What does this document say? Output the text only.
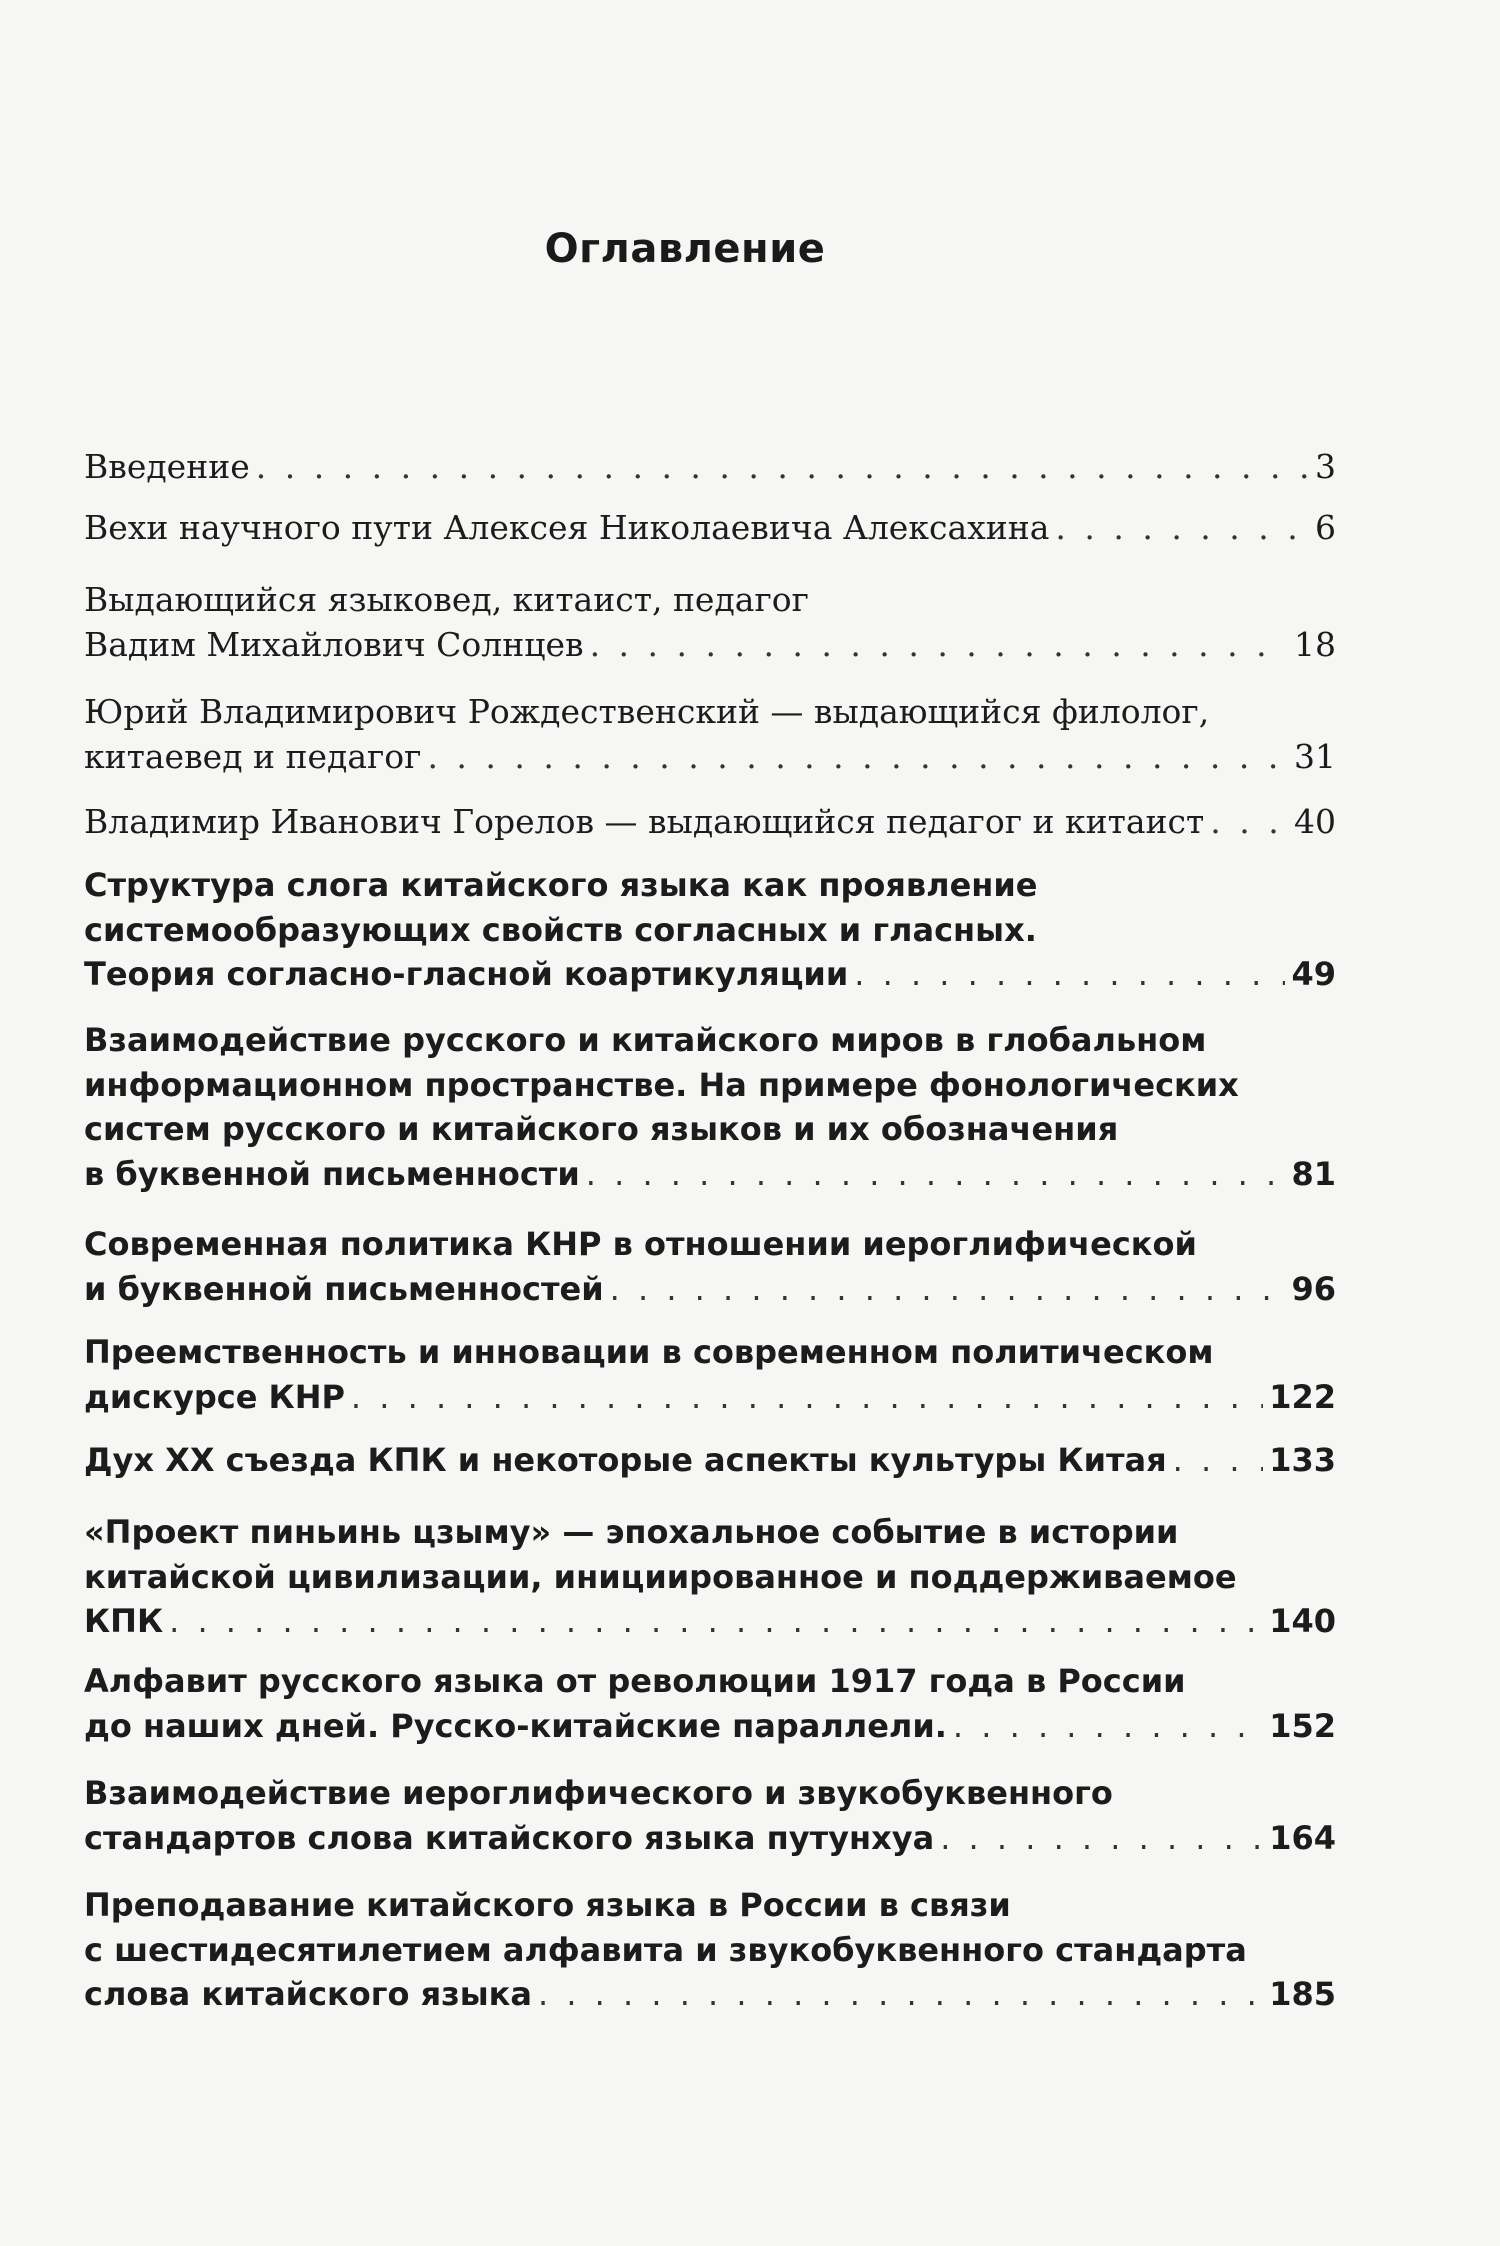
Оглавление
Введение . . .	3
Вехи научного пути Алексея Николаевича Алексахина . . .	6
Выдающийся языковед, китаист, педагог
Вадим Михайлович Солнцев . . .	18
Юрий Владимирович Рождественский — выдающийся филолог,
китаевед и педагог . . .	31
Владимир Иванович Горелов — выдающийся педагог и китаист . . .	40
Структура слога китайского языка как проявление
системообразующих свойств согласных и гласных.
Теория согласно-гласной коартикуляции . . .	49
Взаимодействие русского и китайского миров в глобальном
информационном пространстве. На примере фонологических
систем русского и китайского языков и их обозначения
в буквенной письменности . . .	81
Современная политика КНР в отношении иероглифической
и буквенной письменностей . . .	96
Преемственность и инновации в современном политическом
дискурсе КНР . . .	122
Дух XX съезда КПК и некоторые аспекты культуры Китая . . .	133
«Проект пиньинь цзыму» — эпохальное событие в истории
китайской цивилизации, инициированное и поддерживаемое
КПК . . .	140
Алфавит русского языка от революции 1917 года в России
до наших дней. Русско-китайские параллели. . . .	152
Взаимодействие иероглифического и звукобуквенного
стандартов слова китайского языка путунхуа . . .	164
Преподавание китайского языка в России в связи
с шестидесятилетием алфавита и звукобуквенного стандарта
слова китайского языка . . .	185
